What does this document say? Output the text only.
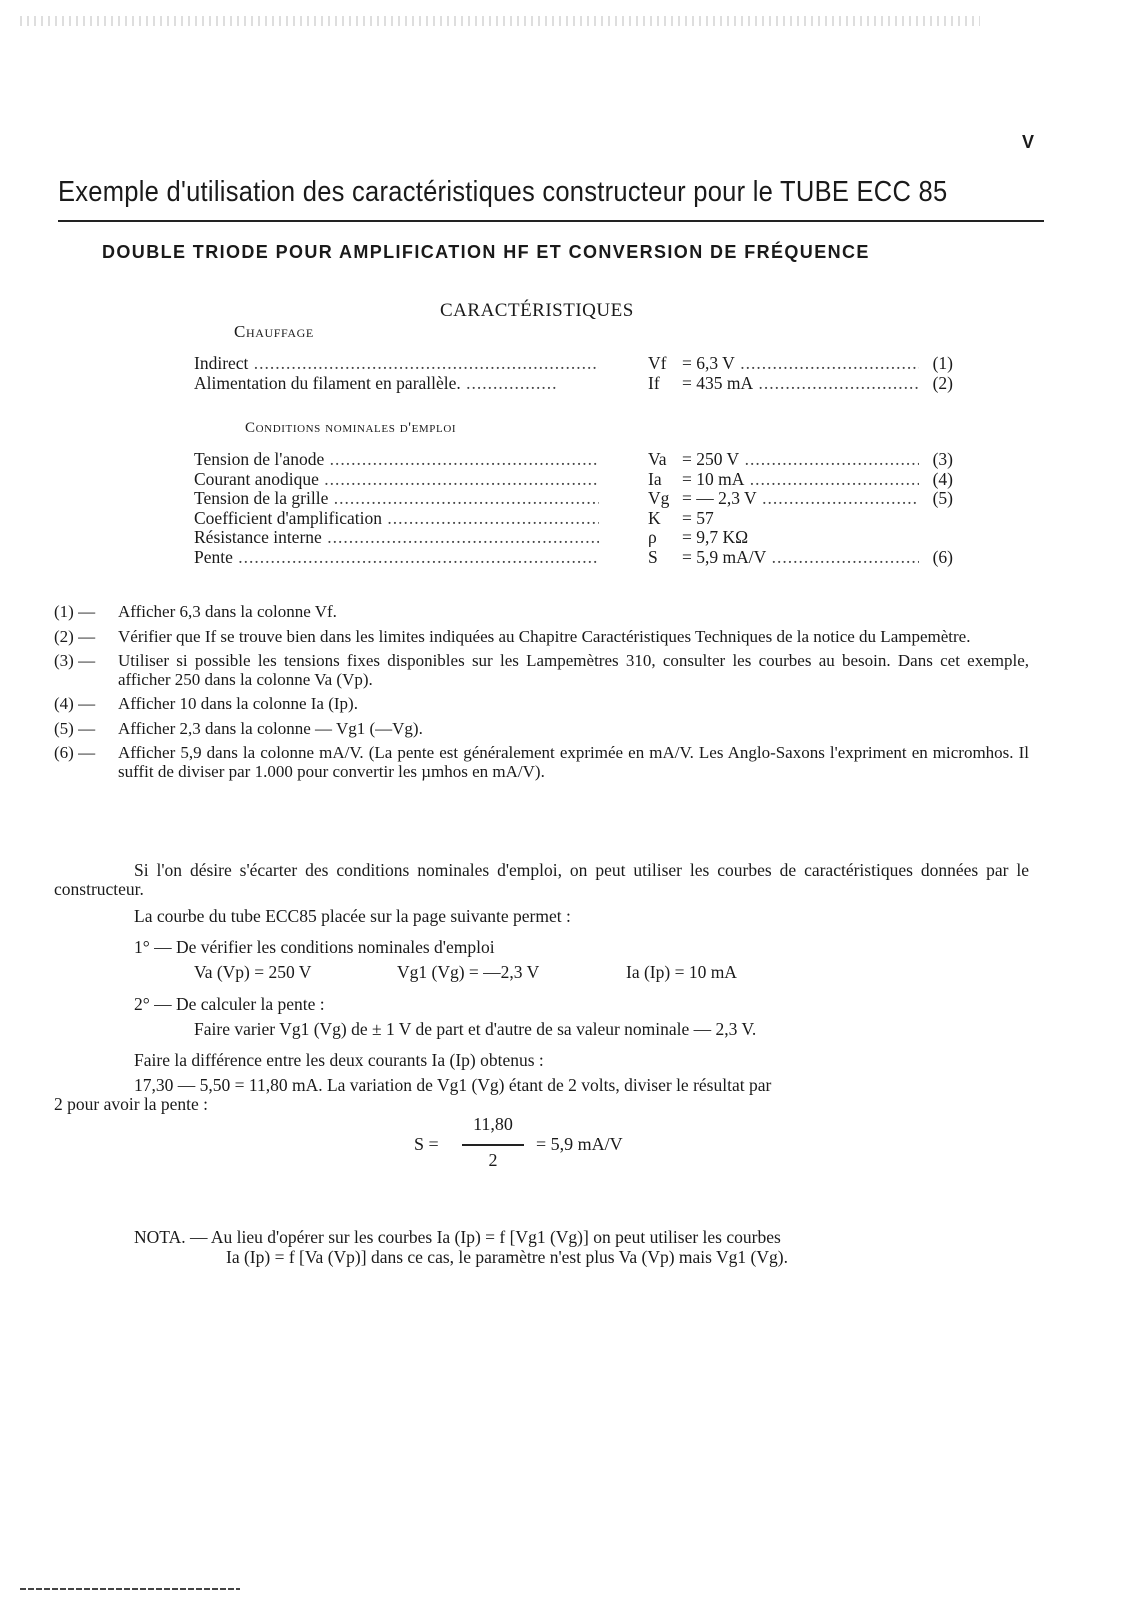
V
Exemple d'utilisation des caractéristiques constructeur pour le TUBE ECC 85
DOUBLE TRIODE POUR AMPLIFICATION HF ET CONVERSION DE FRÉQUENCE
CARACTÉRISTIQUES
Chauffage
Indirect .....	Vf = 6,3 V .....	(1)
Alimentation du filament en parallèle. .....	If = 435 mA .....	(2)
Conditions nominales d'emploi
Tension de l'anode .....	Va = 250 V .....	(3)
Courant anodique .....	Ia = 10 mA .....	(4)
Tension de la grille .....	Vg = — 2,3 V .....	(5)
Coefficient d'amplification .....	K = 57
Résistance interne .....	ρ = 9,7 KΩ
Pente .....	S = 5,9 mA/V .....	(6)
(1) — Afficher 6,3 dans la colonne Vf.
(2) — Vérifier que If se trouve bien dans les limites indiquées au Chapitre Caractéristiques Techniques de la notice du Lampemètre.
(3) — Utiliser si possible les tensions fixes disponibles sur les Lampemètres 310, consulter les courbes au besoin. Dans cet exemple, afficher 250 dans la colonne Va (Vp).
(4) — Afficher 10 dans la colonne Ia (Ip).
(5) — Afficher 2,3 dans la colonne — Vg1 (—Vg).
(6) — Afficher 5,9 dans la colonne mA/V. (La pente est généralement exprimée en mA/V. Les Anglo-Saxons l'expriment en micromhos. Il suffit de diviser par 1.000 pour convertir les µmhos en mA/V).
Si l'on désire s'écarter des conditions nominales d'emploi, on peut utiliser les courbes de caractéristiques données par le constructeur.
La courbe du tube ECC85 placée sur la page suivante permet :
1° — De vérifier les conditions nominales d'emploi
Va (Vp) = 250 V	Vg1 (Vg) = —2,3 V	Ia (Ip) = 10 mA
2° — De calculer la pente :
Faire varier Vg1 (Vg) de ± 1 V de part et d'autre de sa valeur nominale — 2,3 V.
Faire la différence entre les deux courants Ia (Ip) obtenus :
17,30 — 5,50 = 11,80 mA. La variation de Vg1 (Vg) étant de 2 volts, diviser le résultat par
2 pour avoir la pente :
S =
11,80
2
= 5,9 mA/V
NOTA. — Au lieu d'opérer sur les courbes Ia (Ip) = f [Vg1 (Vg)] on peut utiliser les courbes
Ia (Ip) = f [Va (Vp)] dans ce cas, le paramètre n'est plus Va (Vp) mais Vg1 (Vg).
